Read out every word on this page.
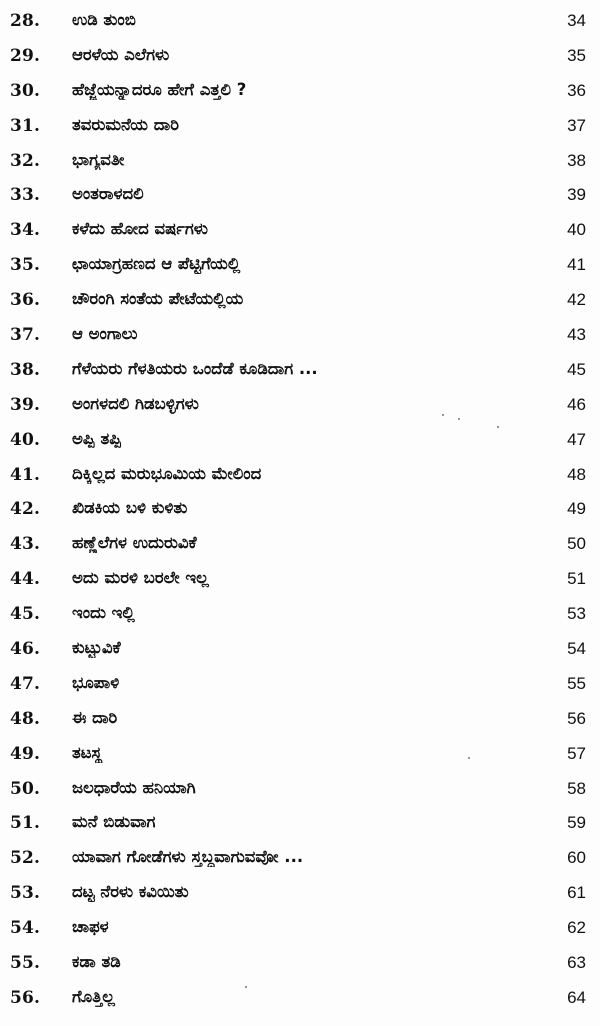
28.	ಉಡಿ ತುಂಬಿ	34
29.	ಆರಳೆಯ ಎಲೆಗಳು	35
30.	ಹೆಜ್ಜೆಯನ್ನಾದರೂ ಹೇಗೆ ಎತ್ತಲಿ ?	36
31.	ತವರುಮನೆಯ ದಾರಿ	37
32.	ಭಾಗ್ಯವತೀ	38
33.	ಅಂತರಾಳದಲಿ	39
34.	ಕಳೆದು ಹೋದ ವರ್ಷಗಳು	40
35.	ಛಾಯಾಗ್ರಹಣದ ಆ ಪೆಟ್ಟಿಗೆಯಲ್ಲಿ	41
36.	ಚೌರಂಗಿ ಸಂತೆಯ ಪೇಟೆಯಲ್ಲಿಯ	42
37.	ಆ ಅಂಗಾಲು	43
38.	ಗೆಳೆಯರು ಗೆಳತಿಯರು ಒಂದೆಡೆ ಕೂಡಿದಾಗ ...	45
39.	ಅಂಗಳದಲಿ ಗಿಡಬಳ್ಳಿಗಳು	46
40.	ಅಪ್ಪಿ ತಪ್ಪಿ	47
41.	ದಿಕ್ಕಿಲ್ಲದ ಮರುಭೂಮಿಯ ಮೇಲಿಂದ	48
42.	ಖಿಡಕಿಯ ಬಳಿ ಕುಳಿತು	49
43.	ಹಣ್ಣೆಲೆಗಳ ಉದುರುವಿಕೆ	50
44.	ಅದು ಮರಳಿ ಬರಲೇ ಇಲ್ಲ	51
45.	ಇಂದು ಇಲ್ಲಿ	53
46.	ಕುಟ್ಟುವಿಕೆ	54
47.	ಭೂಪಾಳಿ	55
48.	ಈ ದಾರಿ	56
49.	ತಟಸ್ಥ	57
50.	ಜಲಧಾರೆಯ ಹನಿಯಾಗಿ	58
51.	ಮನೆ ಬಿಡುವಾಗ	59
52.	ಯಾವಾಗ ಗೋಡೆಗಳು ಸ್ತಬ್ಧವಾಗುವವೋ ...	60
53.	ದಟ್ಟ ನೆರಳು ಕವಿಯಿತು	61
54.	ಚಾಫಳ	62
55.	ಕಡಾ ತಡಿ	63
56.	ಗೊತ್ತಿಲ್ಲ	64
